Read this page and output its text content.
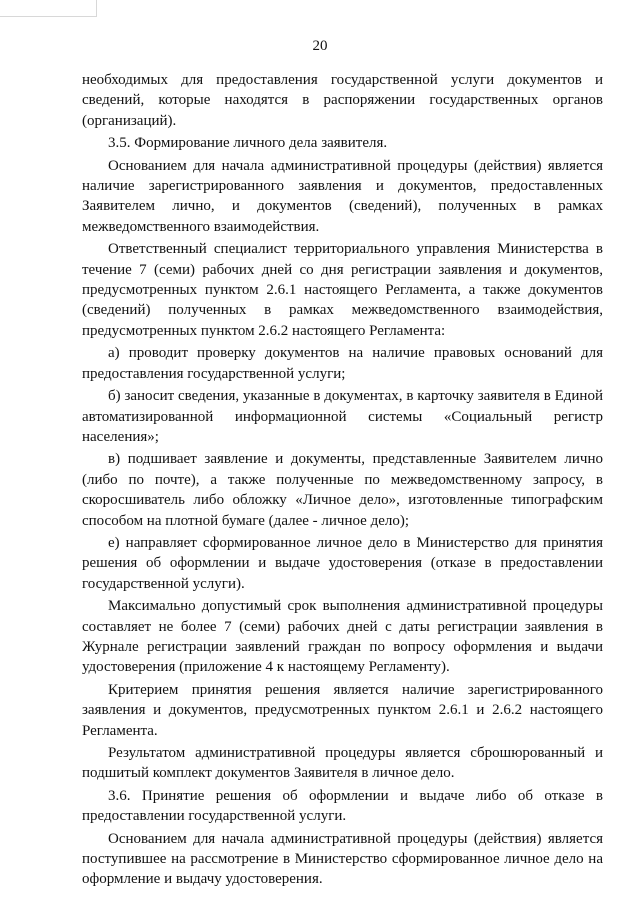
20

необходимых для предоставления государственной услуги документов и сведений, которые находятся в распоряжении государственных органов (организаций).

3.5. Формирование личного дела заявителя.

Основанием для начала административной процедуры (действия) является наличие зарегистрированного заявления и документов, предоставленных Заявителем лично, и документов (сведений), полученных в рамках межведомственного взаимодействия.

Ответственный специалист территориального управления Министерства в течение 7 (семи) рабочих дней со дня регистрации заявления и документов, предусмотренных пунктом 2.6.1 настоящего Регламента, а также документов (сведений) полученных в рамках межведомственного взаимодействия, предусмотренных пунктом 2.6.2 настоящего Регламента:

а) проводит проверку документов на наличие правовых оснований для предоставления государственной услуги;

б) заносит сведения, указанные в документах, в карточку заявителя в Единой автоматизированной информационной системы «Социальный регистр населения»;

в) подшивает заявление и документы, представленные Заявителем лично (либо по почте), а также полученные по межведомственному запросу, в скоросшиватель либо обложку «Личное дело», изготовленные типографским способом на плотной бумаге (далее - личное дело);

е) направляет сформированное личное дело в Министерство для принятия решения об оформлении и выдаче удостоверения (отказе в предоставлении государственной услуги).

Максимально допустимый срок выполнения административной процедуры составляет не более 7 (семи) рабочих дней с даты регистрации заявления в Журнале регистрации заявлений граждан по вопросу оформления и выдачи удостоверения (приложение 4 к настоящему Регламенту).

Критерием принятия решения является наличие зарегистрированного заявления и документов, предусмотренных пунктом 2.6.1 и 2.6.2 настоящего Регламента.

Результатом административной процедуры является сброшюрованный и подшитый комплект документов Заявителя в личное дело.

3.6. Принятие решения об оформлении и выдаче либо об отказе в предоставлении государственной услуги.

Основанием для начала административной процедуры (действия) является поступившее на рассмотрение в Министерство сформированное личное дело на оформление и выдачу удостоверения.
